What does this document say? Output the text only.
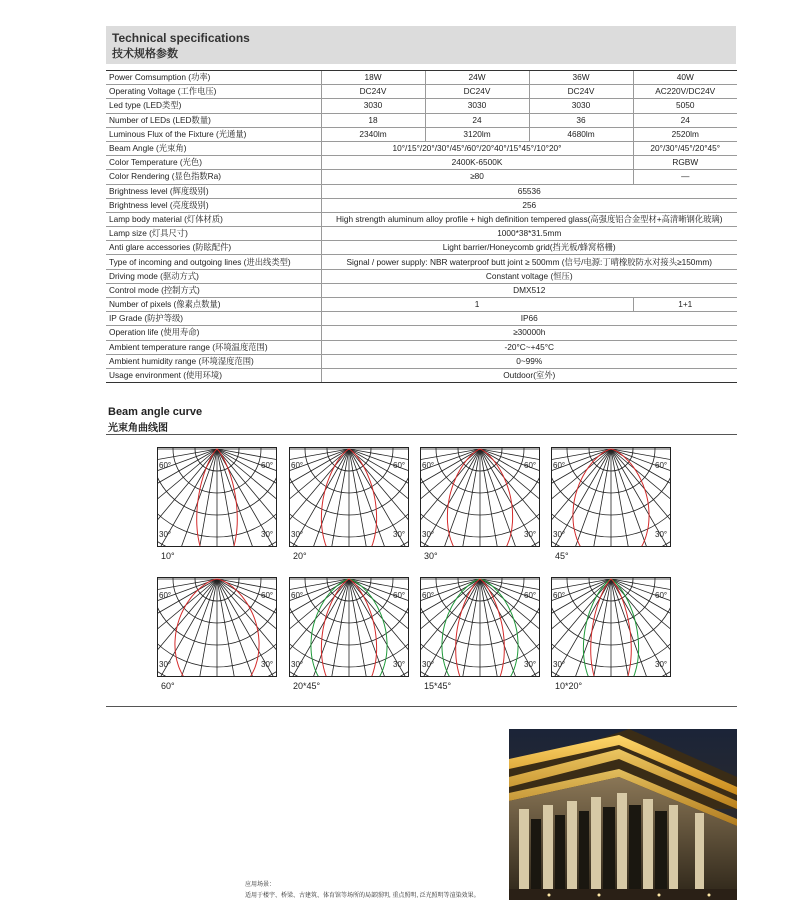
Technical specifications
技术规格参数
Power Comsumption (功率)	18W	24W	36W	40W
Operating Voltage (工作电压)	DC24V	DC24V	DC24V	AC220V/DC24V
Led type (LED类型)	3030	3030	3030	5050
Number of LEDs (LED数量)	18	24	36	24
Luminous Flux of the Fixture (光通量)	2340lm	3120lm	4680lm	2520lm
Beam Angle (光束角)	10°/15°/20°/30°/45°/60°/20°40°/15°45°/10°20°			20°/30°/45°/20°45°
Color Temperature (光色)	2400K-6500K			RGBW
Color Rendering (显色指数Ra)	≥80			—
Brightness level (辉度级别)	65536			
Brightness level (亮度级别)	256			
Lamp body material (灯体材质)	High strength aluminum alloy profile + high definition tempered glass(高强度铝合金型材+高清晰钢化玻璃)			
Lamp size (灯具尺寸)	1000*38*31.5mm			
Anti glare accessories (防眩配件)	Light barrier/Honeycomb grid(挡光板/蜂窝格栅)			
Type of incoming and outgoing lines (进出线类型)	Signal / power supply: NBR waterproof butt joint ≥ 500mm (信号/电源:丁晴橡胶防水对接头≥150mm)			
Driving mode (驱动方式)	Constant voltage (恒压)			
Control mode (控制方式)	DMX512			
Number of pixels (像素点数量)	1			1+1
IP Grade (防护等级)	IP66			
Operation life (使用寿命)	≥30000h			
Ambient temperature range (环境温度范围)	-20°C~+45°C			
Ambient humidity range (环境湿度范围)	0~99%			
Usage environment (使用环境)	Outdoor(室外)			
Beam angle curve
光束角曲线图
60°	60°
30°	30°
10°
60°	60°
30°	30°
20°
60°	60°
30°	30°
30°
60°	60°
30°	30°
45°
60°	60°
30°	30°
60°
60°	60°
30°	30°
20*45°
60°	60°
30°	30°
15*45°
60°	60°
30°	30°
10*20°
应用场景：
适用于楼宇、桥梁、古建筑、体育馆等场所的局部照明, 重点照明, 泛光照明等渲染效果。
